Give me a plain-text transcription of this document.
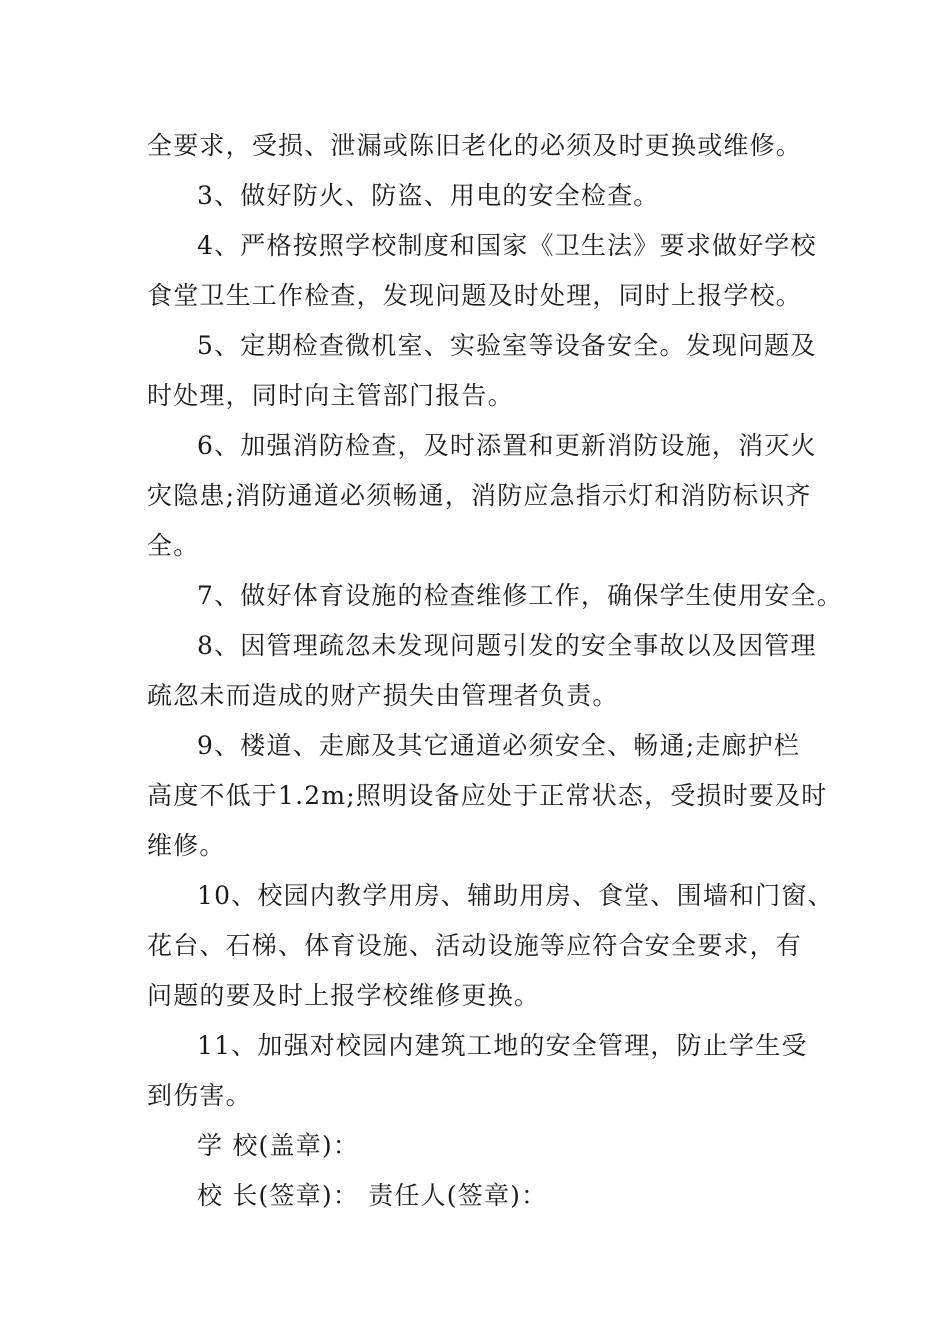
全要求，受损、泄漏或陈旧老化的必须及时更换或维修。
3、做好防火、防盗、用电的安全检查。
4、严格按照学校制度和国家《卫生法》要求做好学校
食堂卫生工作检查，发现问题及时处理，同时上报学校。
5、定期检查微机室、实验室等设备安全。发现问题及
时处理，同时向主管部门报告。
6、加强消防检查，及时添置和更新消防设施，消灭火
灾隐患;消防通道必须畅通，消防应急指示灯和消防标识齐
全。
7、做好体育设施的检查维修工作，确保学生使用安全。
8、因管理疏忽未发现问题引发的安全事故以及因管理
疏忽未而造成的财产损失由管理者负责。
9、楼道、走廊及其它通道必须安全、畅通;走廊护栏
高度不低于1.2m;照明设备应处于正常状态，受损时要及时
维修。
10、校园内教学用房、辅助用房、食堂、围墙和门窗、
花台、石梯、体育设施、活动设施等应符合安全要求，有
问题的要及时上报学校维修更换。
11、加强对校园内建筑工地的安全管理，防止学生受
到伤害。
学 校(盖章)：
校 长(签章)： 责任人(签章)：
